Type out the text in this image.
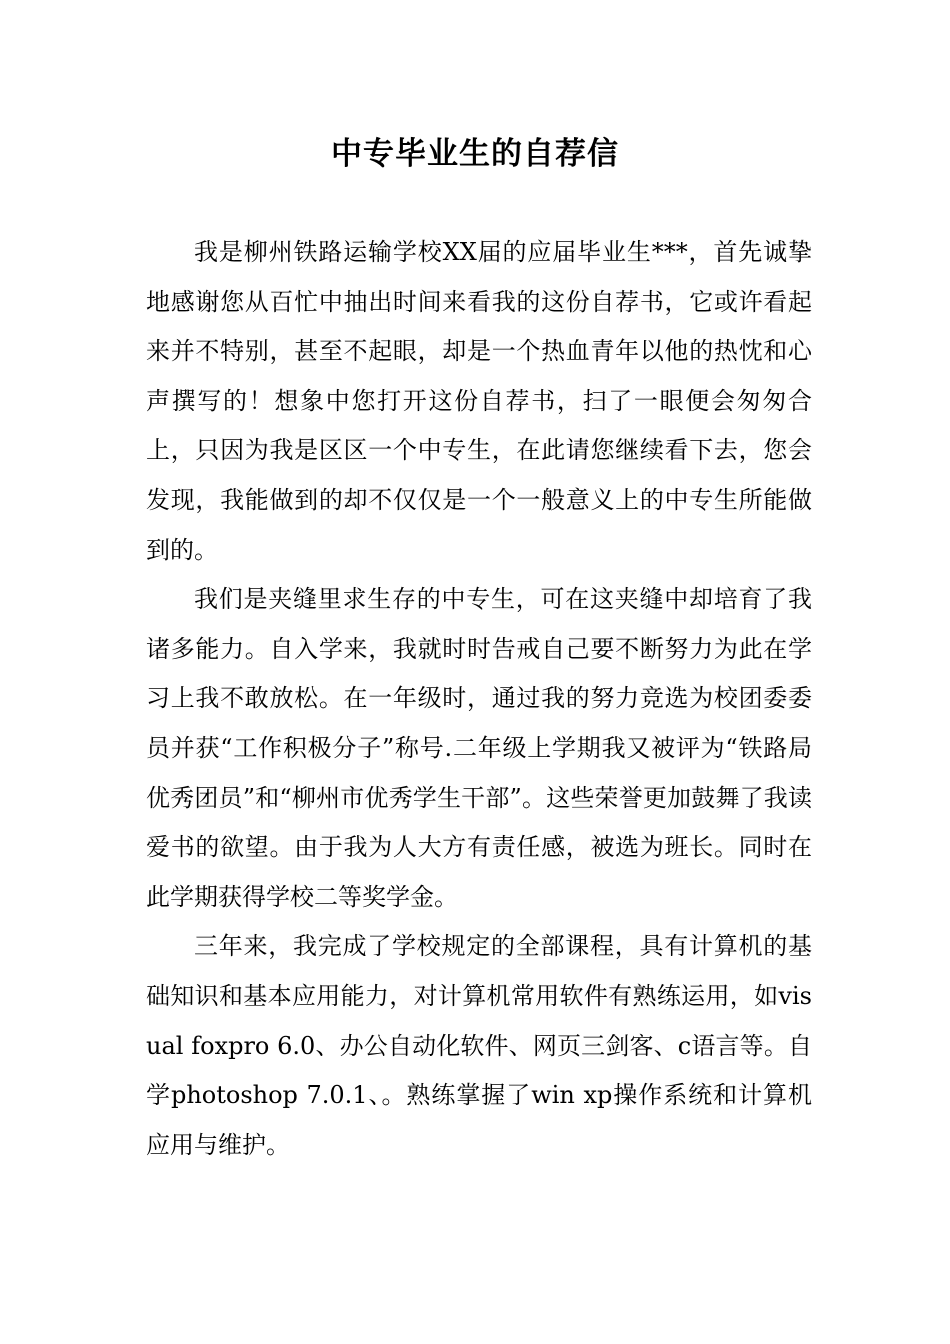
中专毕业生的自荐信

我是柳州铁路运输学校XX届的应届毕业生***，首先诚挚地感谢您从百忙中抽出时间来看我的这份自荐书，它或许看起来并不特别，甚至不起眼，却是一个热血青年以他的热忱和心声撰写的！想象中您打开这份自荐书，扫了一眼便会匆匆合上，只因为我是区区一个中专生，在此请您继续看下去，您会发现，我能做到的却不仅仅是一个一般意义上的中专生所能做到的。

我们是夹缝里求生存的中专生，可在这夹缝中却培育了我诸多能力。自入学来，我就时时告戒自己要不断努力为此在学习上我不敢放松。在一年级时，通过我的努力竞选为校团委委员并获“工作积极分子”称号.二年级上学期我又被评为“铁路局优秀团员”和“柳州市优秀学生干部”。这些荣誉更加鼓舞了我读爱书的欲望。由于我为人大方有责任感，被选为班长。同时在此学期获得学校二等奖学金。

三年来，我完成了学校规定的全部课程，具有计算机的基础知识和基本应用能力，对计算机常用软件有熟练运用，如visual foxpro 6.0、办公自动化软件、网页三剑客、c语言等。自学photoshop 7.0.1、。熟练掌握了win xp操作系统和计算机应用与维护。
